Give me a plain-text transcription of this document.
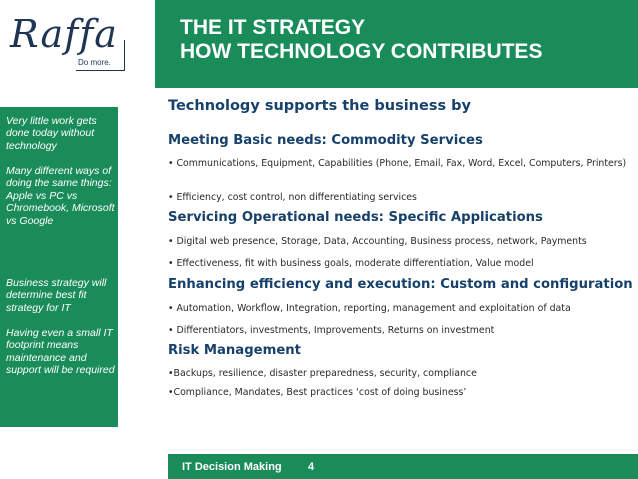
Raffa
Do more.
THE IT STRATEGY
HOW TECHNOLOGY CONTRIBUTES
Very little work gets done today without technology
Many different ways of doing the same things: Apple vs PC vs Chromebook, Microsoft vs Google
Business strategy will determine best fit strategy for IT
Having even a small IT footprint means maintenance and support will be required
Technology supports the business by
Meeting Basic needs: Commodity Services
• Communications, Equipment, Capabilities (Phone, Email, Fax, Word, Excel, Computers, Printers)
• Efficiency, cost control, non differentiating services
Servicing Operational needs: Specific Applications
• Digital web presence, Storage, Data, Accounting, Business process, network, Payments
• Effectiveness, fit with business goals, moderate differentiation, Value model
Enhancing efficiency and execution: Custom and configuration
• Automation, Workflow, Integration, reporting, management and exploitation of data
• Differentiators, investments, Improvements, Returns on investment
Risk Management
•Backups, resilience, disaster preparedness, security, compliance
•Compliance, Mandates, Best practices ‘cost of doing business’
IT Decision Making 4
